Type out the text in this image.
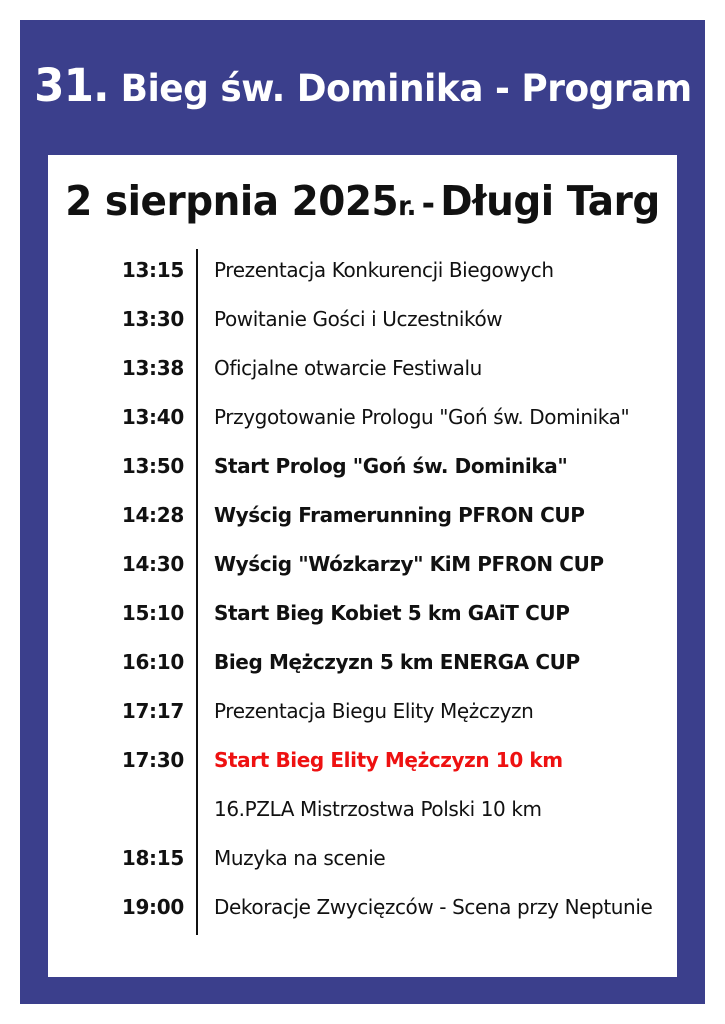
31. Bieg św. Dominika - Program
2 sierpnia 2025r. - Długi Targ
13:15 Prezentacja Konkurencji Biegowych
13:30 Powitanie Gości i Uczestników
13:38 Oficjalne otwarcie Festiwalu
13:40 Przygotowanie Prologu "Goń św. Dominika"
13:50 Start Prolog "Goń św. Dominika"
14:28 Wyścig Framerunning PFRON CUP
14:30 Wyścig "Wózkarzy" KiM PFRON CUP
15:10 Start Bieg Kobiet 5 km GAiT CUP
16:10 Bieg Mężczyzn 5 km ENERGA CUP
17:17 Prezentacja Biegu Elity Mężczyzn
17:30 Start Bieg Elity Mężczyzn 10 km
16.PZLA Mistrzostwa Polski 10 km
18:15 Muzyka na scenie
19:00 Dekoracje Zwycięzców - Scena przy Neptunie
